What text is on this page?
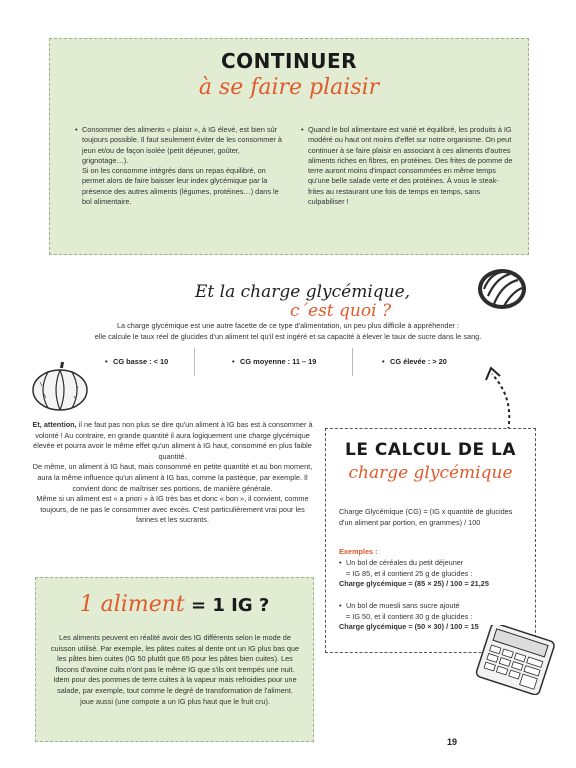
CONTINUER
à se faire plaisir
• Consommer des aliments « plaisir », à IG élevé, est bien sûr toujours possible. Il faut seulement éviter de les consommer à jeun et/ou de façon isolée (petit déjeuner, goûter, grignotage…).
Si on les consomme intégrés dans un repas équilibré, on permet alors de faire baisser leur index glycémique par la présence des autres aliments (légumes, protéines…) dans le bol alimentaire.
• Quand le bol alimentaire est varié et équilibré, les produits à IG modéré ou haut ont moins d'effet sur notre organisme. On peut continuer à se faire plaisir en associant à ces aliments d'autres aliments riches en fibres, en protéines. Des frites de pomme de terre auront moins d'impact consommées en même temps qu'une belle salade verte et des protéines. À vous le steak-frites au restaurant une fois de temps en temps, sans culpabiliser !
Et la charge glycémique,
c´est quoi ?
La charge glycémique est une autre facette de ce type d'alimentation, un peu plus difficile à appréhender :
elle calcule le taux réel de glucides d'un aliment tel qu'il est ingéré et sa capacité à élever le taux de sucre dans le sang.
• CG basse : < 10	• CG moyenne : 11 – 19	• CG élevée : > 20
Et, attention, il ne faut pas non plus se dire qu'un aliment à IG bas est à consommer à volonté ! Au contraire, en grande quantité il aura logiquement une charge glycémique élevée et pourra avoir le même effet qu'un aliment à IG haut, consommé en plus faible quantité.
De même, un aliment à IG haut, mais consommé en petite quantité et au bon moment, aura la même influence qu'un aliment à IG bas, comme la pastèque, par exemple. Il convient donc de maîtriser ses portions, de manière générale.
Même si un aliment est « a priori » à IG très bas et donc « bon », il convient, comme toujours, de ne pas le consommer avec excès. C'est particulièrement vrai pour les farines et les sucrants.
LE CALCUL DE LA
charge glycémique
Charge Glycémique (CG) = (IG x quantité de glucides d'un aliment par portion, en grammes) / 100
Exemples :
• Un bol de céréales du petit déjeuner
= IG 85, et il contient 25 g de glucides :
Charge glycémique = (85 × 25) / 100 = 21,25
• Un bol de muesli sans sucre ajouté
= IG 50, et il contient 30 g de glucides :
Charge glycémique = (50 × 30) / 100 = 15
1 aliment = 1 IG ?
Les aliments peuvent en réalité avoir des IG différents selon le mode de cuisson utilisé. Par exemple, les pâtes cuites al dente ont un IG plus bas que les pâtes bien cuites (IG 50 plutôt que 65 pour les pâtes bien cuites). Les flocons d'avoine cuits n'ont pas le même IG que s'ils ont trempés une nuit. Idem pour des pommes de terre cuites à la vapeur mais refroidies pour une salade, par exemple, tout comme le degré de transformation de l'aliment. joue aussi (une compote a un IG plus haut que le fruit cru).
19
